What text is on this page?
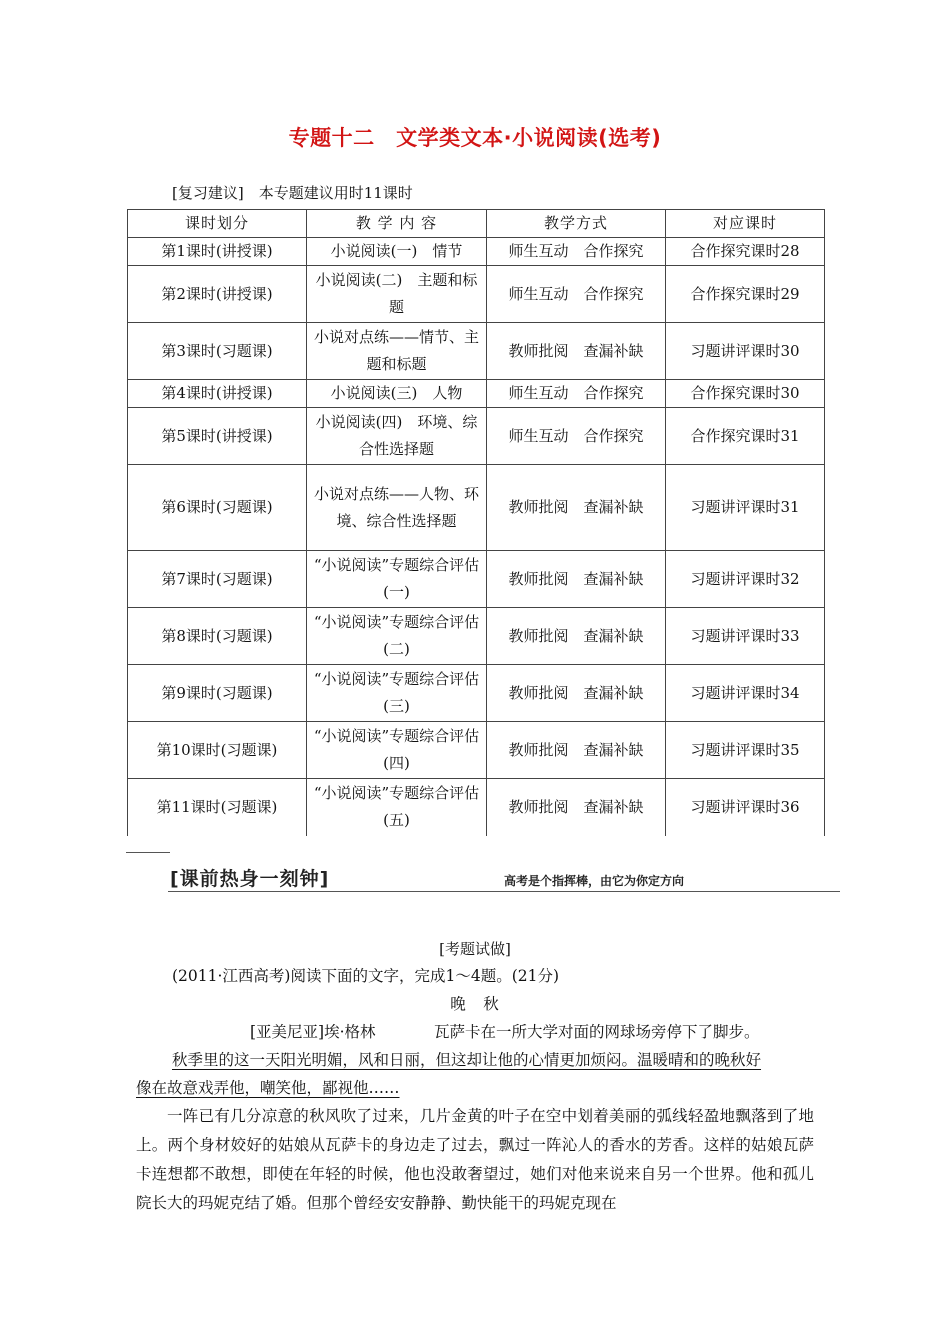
专题十二　文学类文本·小说阅读(选考)
[复习建议]　本专题建议用时11课时
课时划分	教 学 内 容	教学方式	对应课时
第1课时(讲授课)	小说阅读(一)　情节	师生互动　合作探究	合作探究课时28
第2课时(讲授课)	小说阅读(二)　主题和标题	师生互动　合作探究	合作探究课时29
第3课时(习题课)	小说对点练——情节、主题和标题	教师批阅　查漏补缺	习题讲评课时30
第4课时(讲授课)	小说阅读(三)　人物	师生互动　合作探究	合作探究课时30
第5课时(讲授课)	小说阅读(四)　环境、综合性选择题	师生互动　合作探究	合作探究课时31
第6课时(习题课)	小说对点练——人物、环境、综合性选择题	教师批阅　查漏补缺	习题讲评课时31
第7课时(习题课)	“小说阅读”专题综合评估(一)	教师批阅　查漏补缺	习题讲评课时32
第8课时(习题课)	“小说阅读”专题综合评估(二)	教师批阅　查漏补缺	习题讲评课时33
第9课时(习题课)	“小说阅读”专题综合评估(三)	教师批阅　查漏补缺	习题讲评课时34
第10课时(习题课)	“小说阅读”专题综合评估(四)	教师批阅　查漏补缺	习题讲评课时35
第11课时(习题课)	“小说阅读”专题综合评估(五)	教师批阅　查漏补缺	习题讲评课时36
[课前热身一刻钟]	高考是个指挥棒，由它为你定方向
[考题试做]
(2011·江西高考)阅读下面的文字，完成1～4题。(21分)
晚　秋
[亚美尼亚]埃·格林	瓦萨卡在一所大学对面的网球场旁停下了脚步。
秋季里的这一天阳光明媚，风和日丽，但这却让他的心情更加烦闷。温暖晴和的晚秋好
像在故意戏弄他，嘲笑他，鄙视他……
一阵已有几分凉意的秋风吹了过来，几片金黄的叶子在空中划着美丽的弧线轻盈地飘落到了地上。两个身材姣好的姑娘从瓦萨卡的身边走了过去，飘过一阵沁人的香水的芳香。这样的姑娘瓦萨卡连想都不敢想，即使在年轻的时候，他也没敢奢望过，她们对他来说来自另一个世界。他和孤儿院长大的玛妮克结了婚。但那个曾经安安静静、勤快能干的玛妮克现在
